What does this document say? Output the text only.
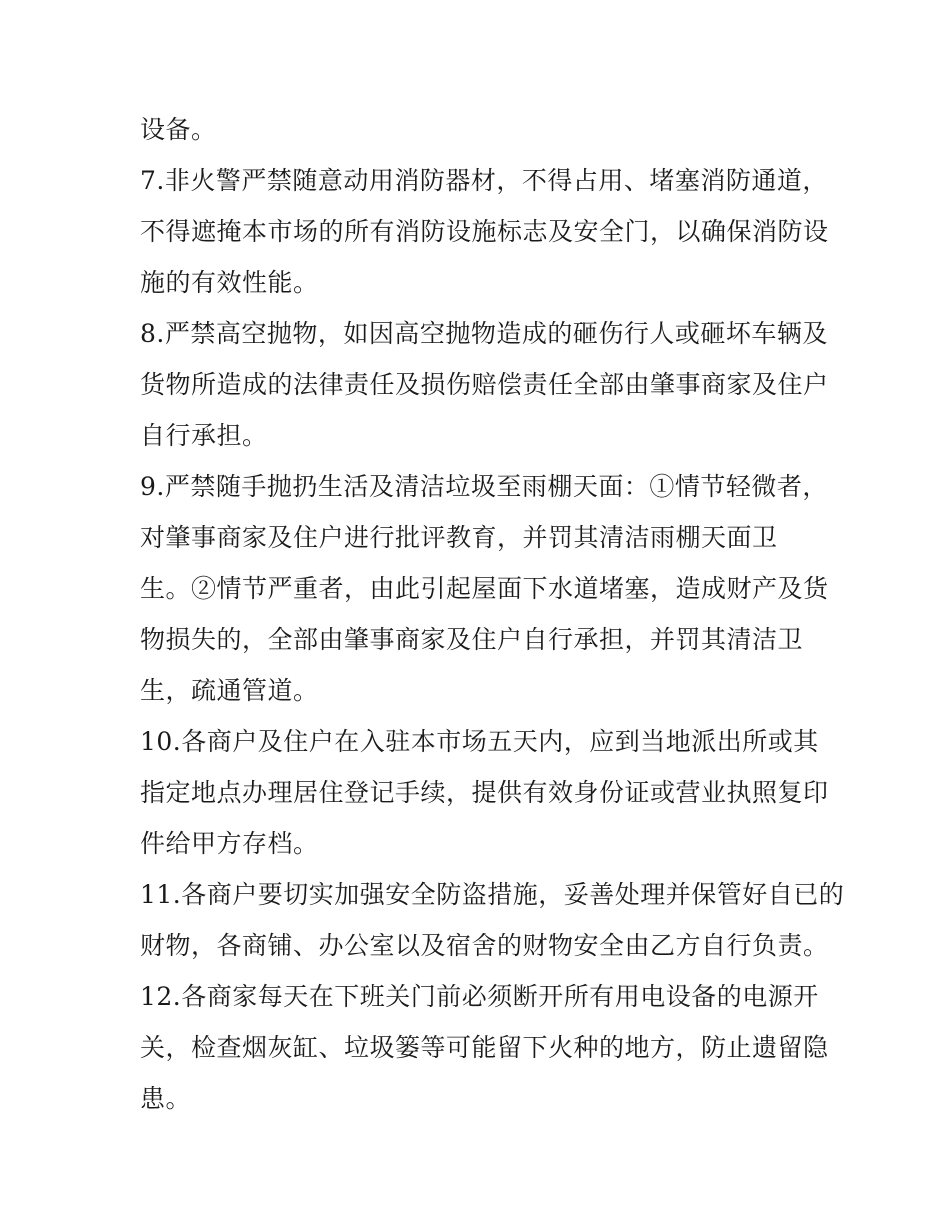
设备。
7.非火警严禁随意动用消防器材，不得占用、堵塞消防通道，
不得遮掩本市场的所有消防设施标志及安全门，以确保消防设
施的有效性能。
8.严禁高空抛物，如因高空抛物造成的砸伤行人或砸坏车辆及
货物所造成的法律责任及损伤赔偿责任全部由肇事商家及住户
自行承担。
9.严禁随手抛扔生活及清洁垃圾至雨棚天面：①情节轻微者，
对肇事商家及住户进行批评教育，并罚其清洁雨棚天面卫
生。②情节严重者，由此引起屋面下水道堵塞，造成财产及货
物损失的，全部由肇事商家及住户自行承担，并罚其清洁卫
生，疏通管道。
10.各商户及住户在入驻本市场五天内，应到当地派出所或其
指定地点办理居住登记手续，提供有效身份证或营业执照复印
件给甲方存档。
11.各商户要切实加强安全防盗措施，妥善处理并保管好自已的
财物，各商铺、办公室以及宿舍的财物安全由乙方自行负责。
12.各商家每天在下班关门前必须断开所有用电设备的电源开
关，检查烟灰缸、垃圾篓等可能留下火种的地方，防止遗留隐
患。
